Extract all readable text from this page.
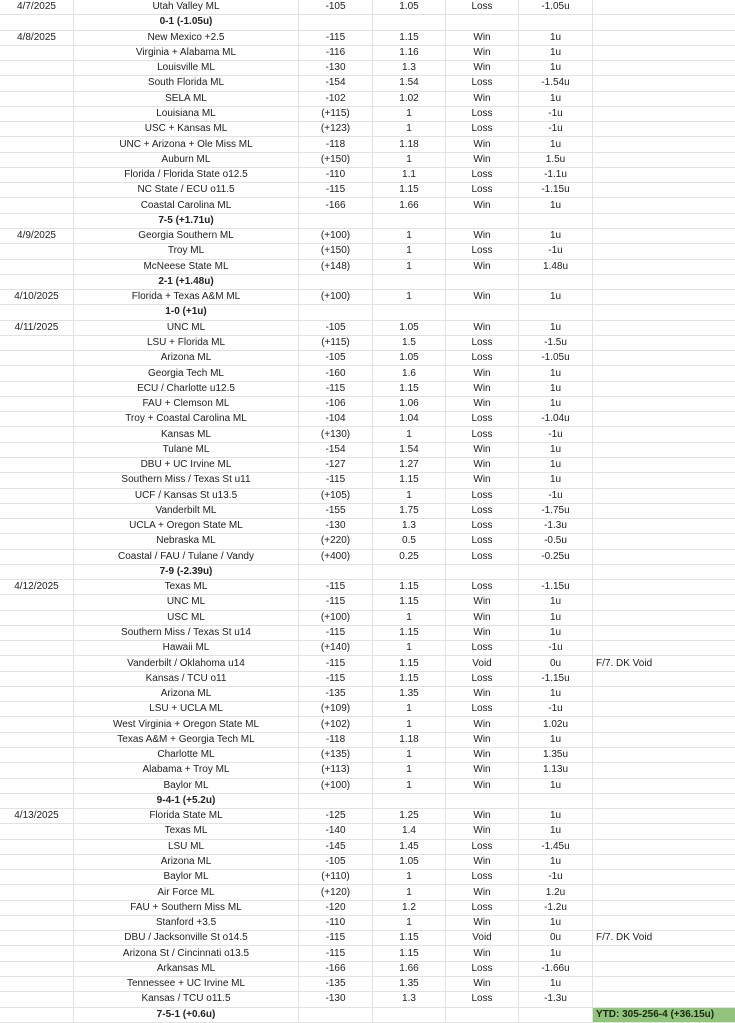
4/7/2025	Utah Valley ML	-105	1.05	Loss	-1.05u
0-1 (-1.05u)
4/8/2025	New Mexico +2.5	-115	1.15	Win	1u
Virginia + Alabama ML	-116	1.16	Win	1u
Louisville ML	-130	1.3	Win	1u
South Florida ML	-154	1.54	Loss	-1.54u
SELA ML	-102	1.02	Win	1u
Louisiana ML	(+115)	1	Loss	-1u
USC + Kansas ML	(+123)	1	Loss	-1u
UNC + Arizona + Ole Miss ML	-118	1.18	Win	1u
Auburn ML	(+150)	1	Win	1.5u
Florida / Florida State o12.5	-110	1.1	Loss	-1.1u
NC State / ECU o11.5	-115	1.15	Loss	-1.15u
Coastal Carolina ML	-166	1.66	Win	1u
7-5 (+1.71u)
4/9/2025	Georgia Southern ML	(+100)	1	Win	1u
Troy ML	(+150)	1	Loss	-1u
McNeese State ML	(+148)	1	Win	1.48u
2-1 (+1.48u)
4/10/2025	Florida + Texas A&M ML	(+100)	1	Win	1u
1-0 (+1u)
4/11/2025	UNC ML	-105	1.05	Win	1u
LSU + Florida ML	(+115)	1.5	Loss	-1.5u
Arizona ML	-105	1.05	Loss	-1.05u
Georgia Tech ML	-160	1.6	Win	1u
ECU / Charlotte u12.5	-115	1.15	Win	1u
FAU + Clemson ML	-106	1.06	Win	1u
Troy + Coastal Carolina ML	-104	1.04	Loss	-1.04u
Kansas ML	(+130)	1	Loss	-1u
Tulane ML	-154	1.54	Win	1u
DBU + UC Irvine ML	-127	1.27	Win	1u
Southern Miss / Texas St u11	-115	1.15	Win	1u
UCF / Kansas St u13.5	(+105)	1	Loss	-1u
Vanderbilt ML	-155	1.75	Loss	-1.75u
UCLA + Oregon State ML	-130	1.3	Loss	-1.3u
Nebraska ML	(+220)	0.5	Loss	-0.5u
Coastal / FAU / Tulane / Vandy	(+400)	0.25	Loss	-0.25u
7-9 (-2.39u)
4/12/2025	Texas ML	-115	1.15	Loss	-1.15u
UNC ML	-115	1.15	Win	1u
USC ML	(+100)	1	Win	1u
Southern Miss / Texas St u14	-115	1.15	Win	1u
Hawaii ML	(+140)	1	Loss	-1u
Vanderbilt / Oklahoma u14	-115	1.15	Void	0u	F/7. DK Void
Kansas / TCU o11	-115	1.15	Loss	-1.15u
Arizona ML	-135	1.35	Win	1u
LSU + UCLA ML	(+109)	1	Loss	-1u
West Virginia + Oregon State ML	(+102)	1	Win	1.02u
Texas A&M + Georgia Tech ML	-118	1.18	Win	1u
Charlotte ML	(+135)	1	Win	1.35u
Alabama + Troy ML	(+113)	1	Win	1.13u
Baylor ML	(+100)	1	Win	1u
9-4-1 (+5.2u)
4/13/2025	Florida State ML	-125	1.25	Win	1u
Texas ML	-140	1.4	Win	1u
LSU ML	-145	1.45	Loss	-1.45u
Arizona ML	-105	1.05	Win	1u
Baylor ML	(+110)	1	Loss	-1u
Air Force ML	(+120)	1	Win	1.2u
FAU + Southern Miss ML	-120	1.2	Loss	-1.2u
Stanford +3.5	-110	1	Win	1u
DBU / Jacksonville St o14.5	-115	1.15	Void	0u	F/7. DK Void
Arizona St / Cincinnati o13.5	-115	1.15	Win	1u
Arkansas ML	-166	1.66	Loss	-1.66u
Tennessee + UC Irvine ML	-135	1.35	Win	1u
Kansas / TCU o11.5	-130	1.3	Loss	-1.3u
7-5-1 (+0.6u)	YTD: 305-256-4 (+36.15u)
